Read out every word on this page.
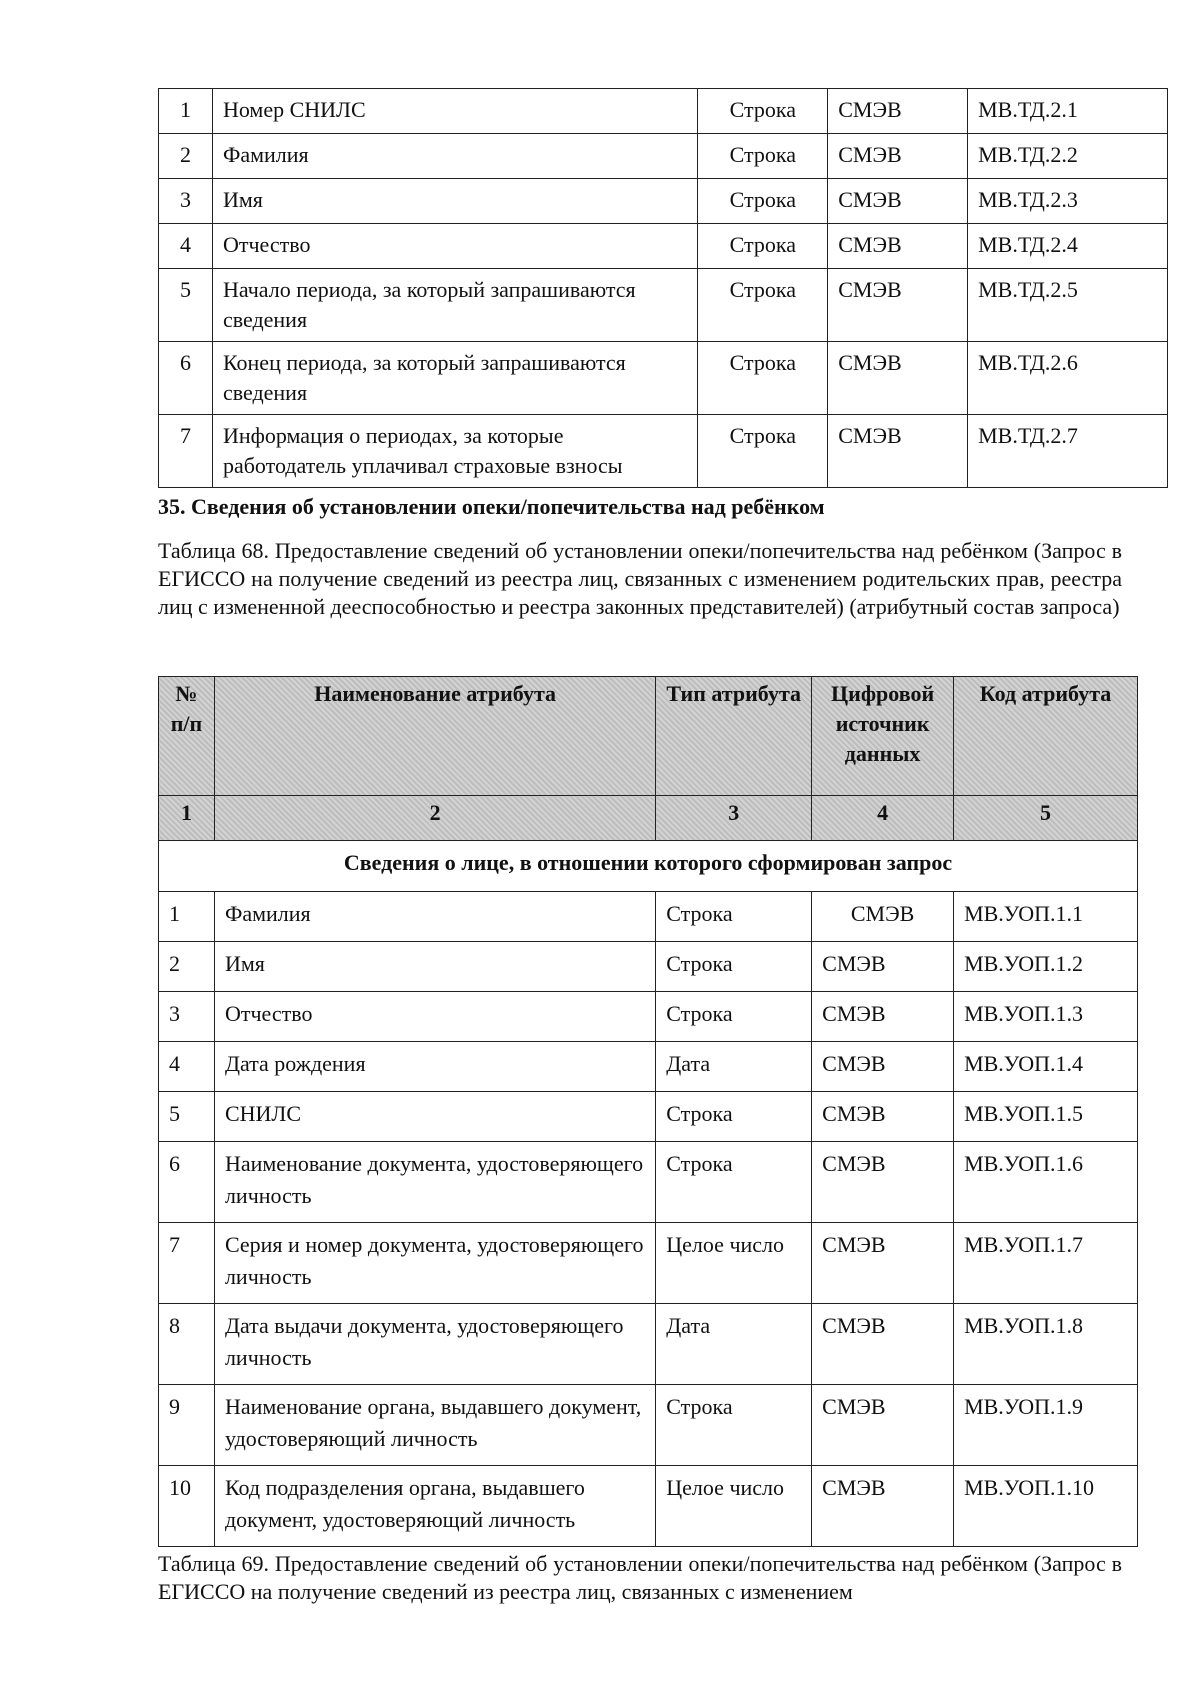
1	Номер СНИЛС	Строка	СМЭВ	МВ.ТД.2.1
2	Фамилия	Строка	СМЭВ	МВ.ТД.2.2
3	Имя	Строка	СМЭВ	МВ.ТД.2.3
4	Отчество	Строка	СМЭВ	МВ.ТД.2.4
5	Начало периода, за который запрашиваются сведения	Строка	СМЭВ	МВ.ТД.2.5
6	Конец периода, за который запрашиваются сведения	Строка	СМЭВ	МВ.ТД.2.6
7	Информация о периодах, за которые работодатель уплачивал страховые взносы	Строка	СМЭВ	МВ.ТД.2.7
35. Сведения об установлении опеки/попечительства над ребёнком
Таблица 68. Предоставление сведений об установлении опеки/попечительства над ребёнком (Запрос в ЕГИССО на получение сведений из реестра лиц, связанных с изменением родительских прав, реестра лиц с измененной дееспособностью и реестра законных представителей) (атрибутный состав запроса)
№ п/п	Наименование атрибута	Тип атрибута	Цифровой источник данных	Код атрибута
1	2	3	4	5
Сведения о лице, в отношении которого сформирован запрос				
1	Фамилия	Строка	СМЭВ	МВ.УОП.1.1
2	Имя	Строка	СМЭВ	МВ.УОП.1.2
3	Отчество	Строка	СМЭВ	МВ.УОП.1.3
4	Дата рождения	Дата	СМЭВ	МВ.УОП.1.4
5	СНИЛС	Строка	СМЭВ	МВ.УОП.1.5
6	Наименование документа, удостоверяющего личность	Строка	СМЭВ	МВ.УОП.1.6
7	Серия и номер документа, удостоверяющего личность	Целое число	СМЭВ	МВ.УОП.1.7
8	Дата выдачи документа, удостоверяющего личность	Дата	СМЭВ	МВ.УОП.1.8
9	Наименование органа, выдавшего документ, удостоверяющий личность	Строка	СМЭВ	МВ.УОП.1.9
10	Код подразделения органа, выдавшего документ, удостоверяющий личность	Целое число	СМЭВ	МВ.УОП.1.10
Таблица 69. Предоставление сведений об установлении опеки/попечительства над ребёнком (Запрос в ЕГИССО на получение сведений из реестра лиц, связанных с изменением
